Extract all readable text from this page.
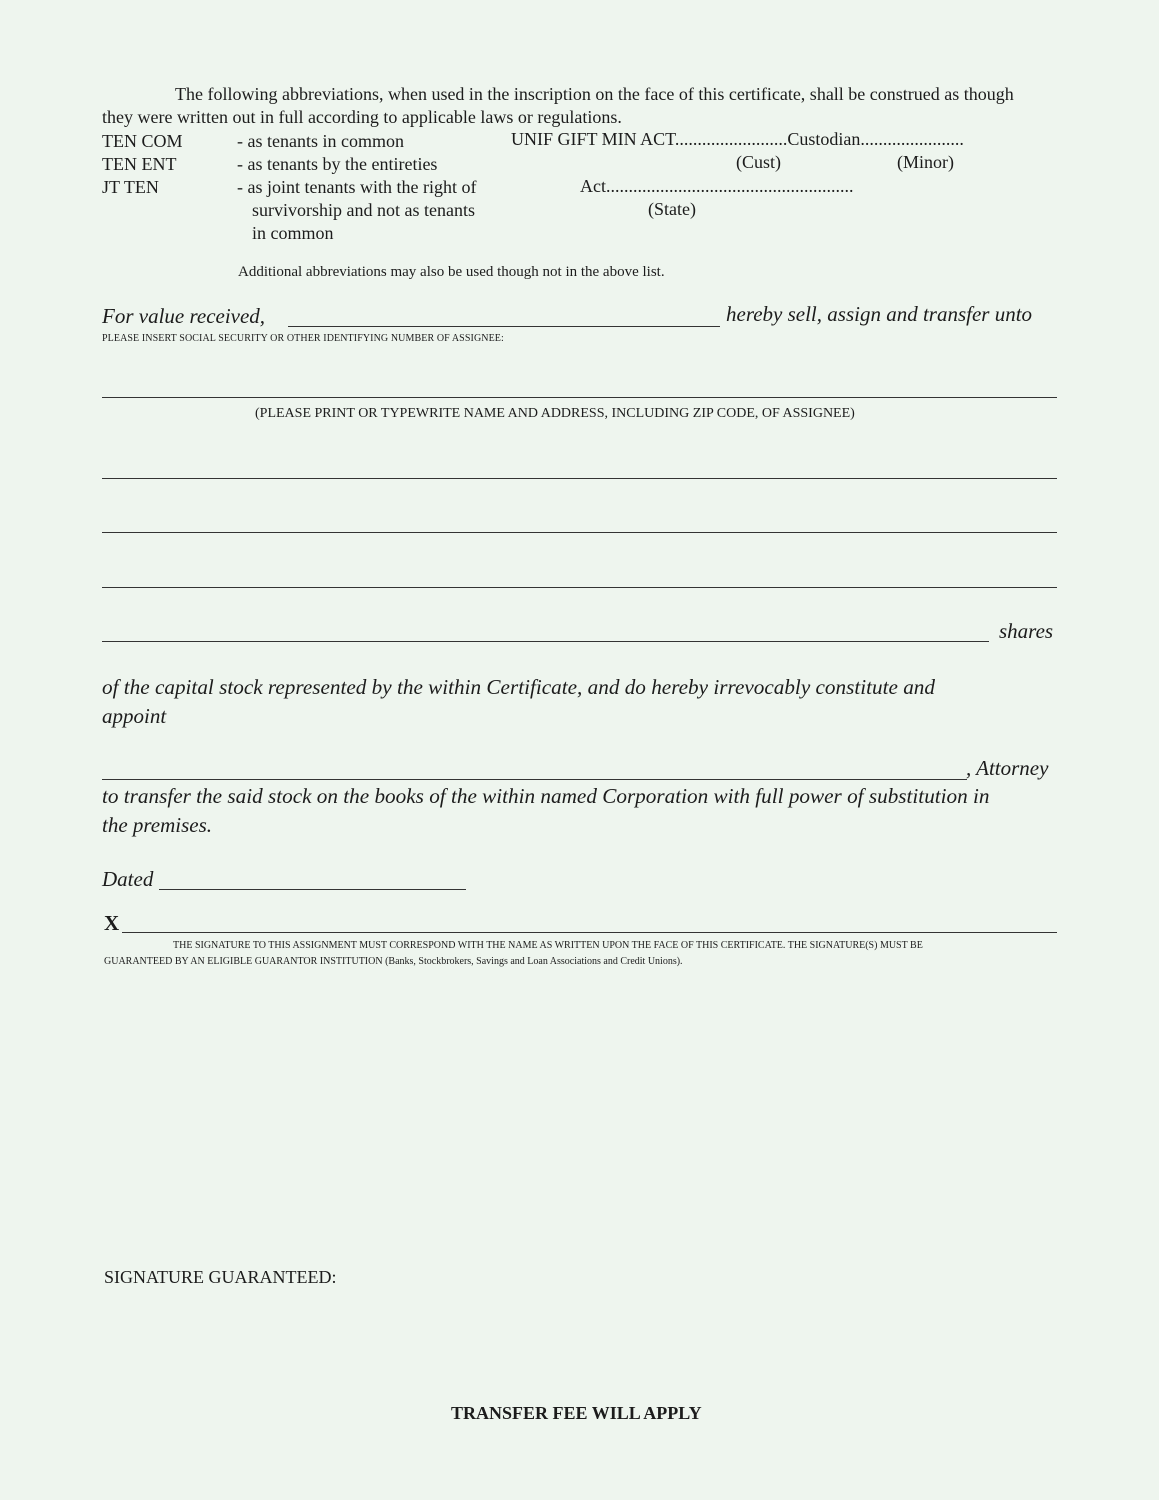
The following abbreviations, when used in the inscription on the face of this certificate, shall be construed as though
they were written out in full according to applicable laws or regulations.
TEN COM	- as tenants in common
TEN ENT	- as tenants by the entireties
JT TEN	- as joint tenants with the right of
survivorship and not as tenants
in common
UNIF GIFT MIN ACT.........................Custodian.......................
(Cust)	(Minor)
Act.......................................................
(State)
Additional abbreviations may also be used though not in the above list.
For value received,	hereby sell, assign and transfer unto
PLEASE INSERT SOCIAL SECURITY OR OTHER IDENTIFYING NUMBER OF ASSIGNEE:
(PLEASE PRINT OR TYPEWRITE NAME AND ADDRESS, INCLUDING ZIP CODE, OF ASSIGNEE)
shares
of the capital stock represented by the within Certificate, and do hereby irrevocably constitute and
appoint
, Attorney
to transfer the said stock on the books of the within named Corporation with full power of substitution in
the premises.
Dated
X
THE SIGNATURE TO THIS ASSIGNMENT MUST CORRESPOND WITH THE NAME AS WRITTEN UPON THE FACE OF THIS CERTIFICATE. THE SIGNATURE(S) MUST BE
GUARANTEED BY AN ELIGIBLE GUARANTOR INSTITUTION (Banks, Stockbrokers, Savings and Loan Associations and Credit Unions).
SIGNATURE GUARANTEED:
TRANSFER FEE WILL APPLY
